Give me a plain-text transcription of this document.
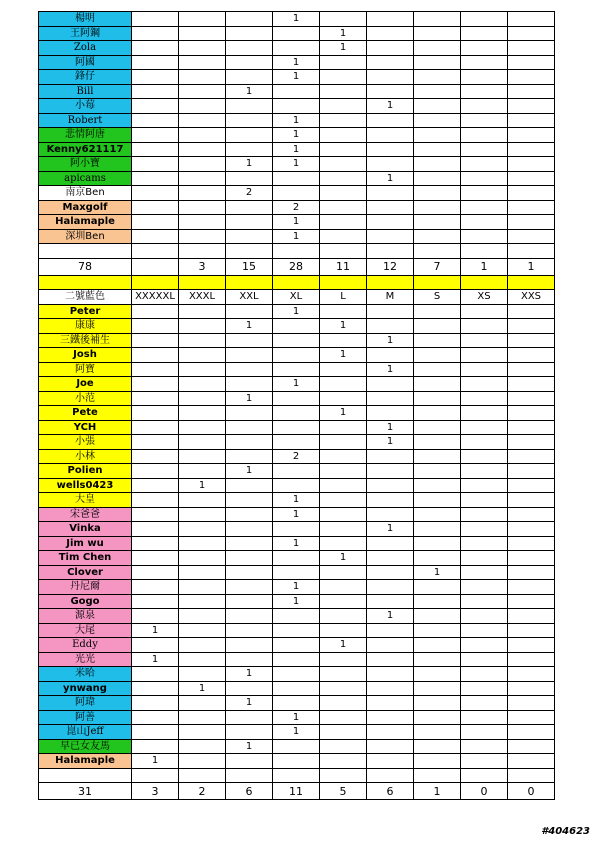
楊明				1					
王阿鋼					1				
Zola					1				
阿國				1					
鋒仔				1					
Bill			1						
小莓						1			
Robert				1					
悲情阿唐				1					
Kenny621117				1					
阿小寶			1	1					
apicams						1			
南京Ben			2						
Maxgolf				2					
Halamaple				1					
深圳Ben				1					

78		3	15	28	11	12	7	1	1

二號藍色	XXXXXL	XXXL	XXL	XL	L	M	S	XS	XXS
Peter				1					
康康			1		1				
三鐵後補生						1			
Josh					1				
阿寶						1			
Joe				1					
小范			1						
Pete					1				
YCH						1			
小張						1			
小林				2					
Polien			1						
wells0423		1							
大皇				1					
宋爸爸				1					
Vinka						1			
Jim wu				1					
Tim Chen					1				
Clover							1		
丹尼爾				1					
Gogo				1					
源泉						1			
大尾	1								
Eddy					1				
光光	1								
米哈			1						
ynwang		1							
阿瑋			1						
阿善				1					
崑山Jeff				1					
早已女友馬			1						
Halamaple	1								

31	3	2	6	11	5	6	1	0	0
#404623
